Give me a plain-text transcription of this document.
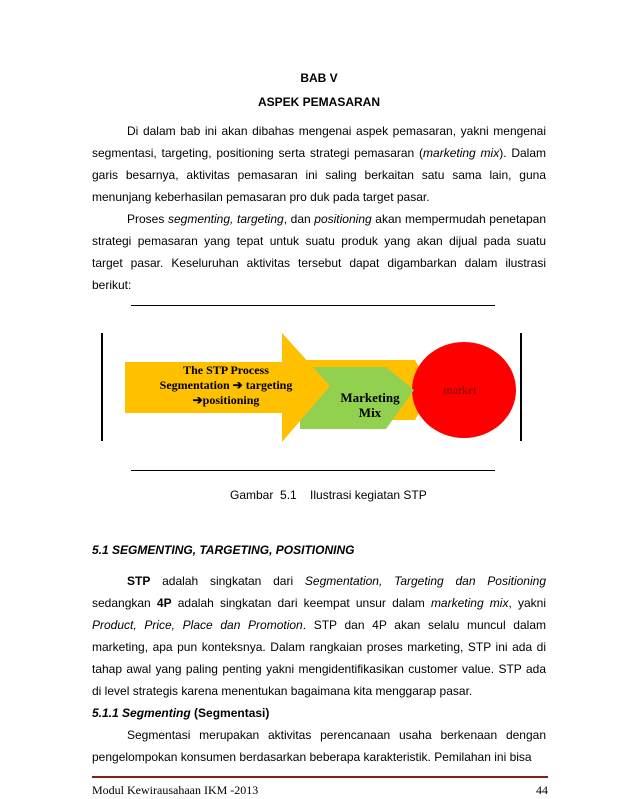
BAB V
ASPEK PEMASARAN

Di dalam bab ini akan dibahas mengenai aspek pemasaran, yakni mengenai segmentasi, targeting, positioning serta strategi pemasaran (marketing mix). Dalam garis besarnya, aktivitas pemasaran ini saling berkaitan satu sama lain, guna menunjang keberhasilan pemasaran pro duk pada target pasar.

Proses segmenting, targeting, dan positioning akan mempermudah penetapan strategi pemasaran yang tepat untuk suatu produk yang akan dijual pada suatu target pasar. Keseluruhan aktivitas tersebut dapat digambarkan dalam ilustrasi berikut:

The STP Process
Segmentation ➔ targeting
➔positioning	Marketing
Mix
market
Gambar  5.1    Ilustrasi kegiatan STP
5.1 SEGMENTING, TARGETING, POSITIONING

STP adalah singkatan dari Segmentation, Targeting dan Positioning sedangkan 4P adalah singkatan dari keempat unsur dalam marketing mix, yakni Product, Price, Place dan Promotion. STP dan 4P akan selalu muncul dalam marketing, apa pun konteksnya. Dalam rangkaian proses marketing, STP ini ada di tahap awal yang paling penting yakni mengidentifikasikan customer value. STP ada di level strategis karena menentukan bagaimana kita menggarap pasar.

5.1.1 Segmenting (Segmentasi)

Segmentasi merupakan aktivitas perencanaan usaha berkenaan dengan pengelompokan konsumen berdasarkan beberapa karakteristik. Pemilahan ini bisa

Modul Kewirausahaan IKM -2013	44
